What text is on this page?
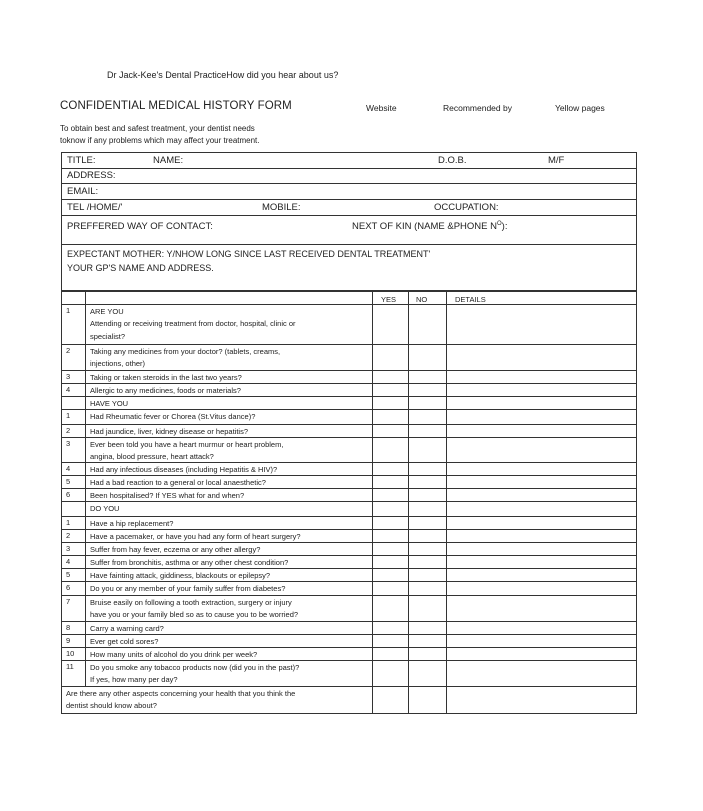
Dr Jack-Kee's Dental PracticeHow did you hear about us?
CONFIDENTIAL MEDICAL HISTORY FORM	Website	Recommended by	Yellow pages
To obtain best and safest treatment, your dentist needs
toknow if any problems which may affect your treatment.
TITLE:	NAME:	D.O.B.	M/F
ADDRESS:
EMAIL:
TEL /HOME/'	MOBILE:	OCCUPATION:
PREFFERED WAY OF CONTACT:	NEXT OF KIN (NAME &PHONE $N^O$):
EXPECTANT MOTHER: Y/NHOW LONG SINCE LAST RECEIVED DENTAL TREATMENT'
YOUR GP'S NAME AND ADDRESS.
YES	NO	DETAILS
1	ARE YOU
Attending or receiving treatment from doctor, hospital, clinic or
specialist?
2	Taking any medicines from your doctor? (tablets, creams,
injections, other)
3	Taking or taken steroids in the last two years?
4	Allergic to any medicines, foods or materials?
HAVE YOU
1	Had Rheumatic fever or Chorea (St.Vitus dance)?
2	Had jaundice, liver, kidney disease or hepatitis?
3	Ever been told you have a heart murmur or heart problem,
angina, blood pressure, heart attack?
4	Had any infectious diseases (including Hepatitis & HIV)?
5	Had a bad reaction to a general or local anaesthetic?
6	Been hospitalised? If YES what for and when?
DO YOU
1	Have a hip replacement?
2	Have a pacemaker, or have you had any form of heart surgery?
3	Suffer from hay fever, eczema or any other allergy?
4	Suffer from bronchitis, asthma or any other chest condition?
5	Have fainting attack, giddiness, blackouts or epilepsy?
6	Do you or any member of your family suffer from diabetes?
7	Bruise easily on following a tooth extraction, surgery or injury
have you or your family bled so as to cause you to be worried?
8	Carry a warning card?
9	Ever get cold sores?
10 How many units of alcohol do you drink per week?
11 Do you smoke any tobacco products now (did you in the past)?
If yes, how many per day?
Are there any other aspects concerning your health that you think the
dentist should know about?
